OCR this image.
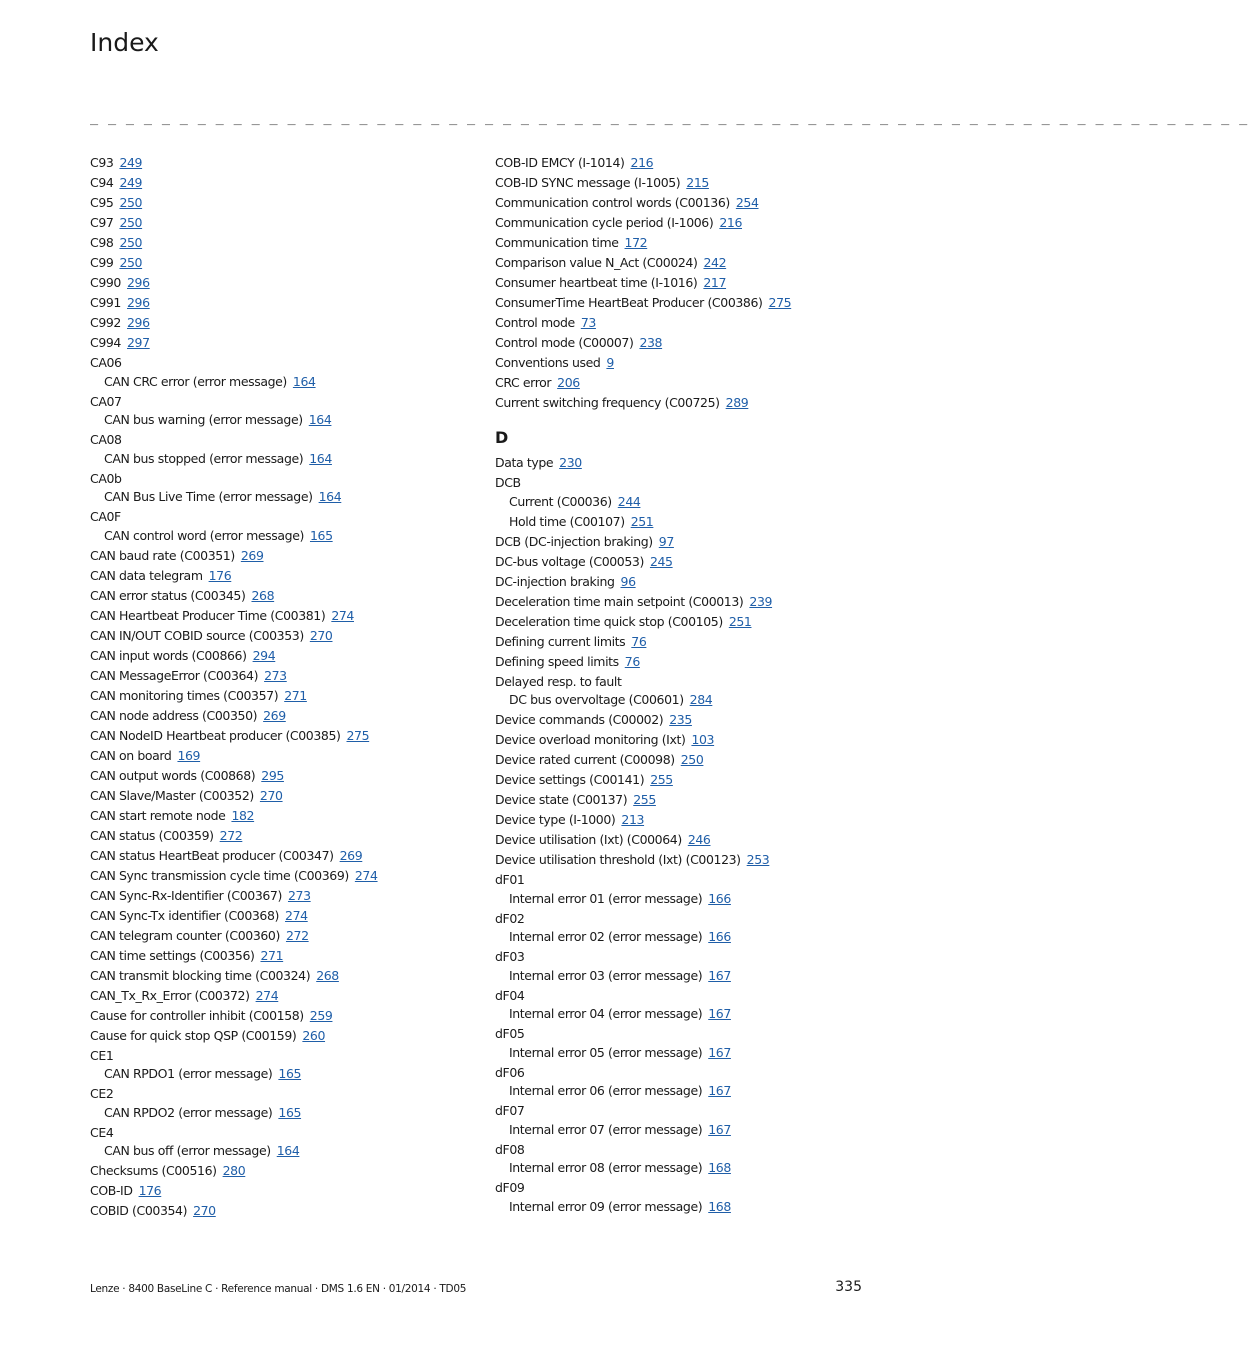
Index
_ _ _ _ _ _ _ _ _ _ _ _ _ _ _ _ _ _ _ _ _ _ _ _ _ _ _ _ _ _ _ _ _ _ _ _ _ _ _ _ _ _ _ _ _ _ _ _ _ _ _ _ _ _ _ _ _ _ _ _ _ _ _ _ _
C93 249
C94 249
C95 250
C97 250
C98 250
C99 250
C990 296
C991 296
C992 296
C994 297
CA06
CAN CRC error (error message) 164
CA07
CAN bus warning (error message) 164
CA08
CAN bus stopped (error message) 164
CA0b
CAN Bus Live Time (error message) 164
CA0F
CAN control word (error message) 165
CAN baud rate (C00351) 269
CAN data telegram 176
CAN error status (C00345) 268
CAN Heartbeat Producer Time (C00381) 274
CAN IN/OUT COBID source (C00353) 270
CAN input words (C00866) 294
CAN MessageError (C00364) 273
CAN monitoring times (C00357) 271
CAN node address (C00350) 269
CAN NodeID Heartbeat producer (C00385) 275
CAN on board 169
CAN output words (C00868) 295
CAN Slave/Master (C00352) 270
CAN start remote node 182
CAN status (C00359) 272
CAN status HeartBeat producer (C00347) 269
CAN Sync transmission cycle time (C00369) 274
CAN Sync-Rx-Identifier (C00367) 273
CAN Sync-Tx identifier (C00368) 274
CAN telegram counter (C00360) 272
CAN time settings (C00356) 271
CAN transmit blocking time (C00324) 268
CAN_Tx_Rx_Error (C00372) 274
Cause for controller inhibit (C00158) 259
Cause for quick stop QSP (C00159) 260
CE1
CAN RPDO1 (error message) 165
CE2
CAN RPDO2 (error message) 165
CE4
CAN bus off (error message) 164
Checksums (C00516) 280
COB-ID 176
COBID (C00354) 270
COB-ID EMCY (I-1014) 216
COB-ID SYNC message (I-1005) 215
Communication control words (C00136) 254
Communication cycle period (I-1006) 216
Communication time 172
Comparison value N_Act (C00024) 242
Consumer heartbeat time (I-1016) 217
ConsumerTime HeartBeat Producer (C00386) 275
Control mode 73
Control mode (C00007) 238
Conventions used 9
CRC error 206
Current switching frequency (C00725) 289
D
Data type 230
DCB
Current (C00036) 244
Hold time (C00107) 251
DCB (DC-injection braking) 97
DC-bus voltage (C00053) 245
DC-injection braking 96
Deceleration time main setpoint (C00013) 239
Deceleration time quick stop (C00105) 251
Defining current limits 76
Defining speed limits 76
Delayed resp. to fault
DC bus overvoltage (C00601) 284
Device commands (C00002) 235
Device overload monitoring (Ixt) 103
Device rated current (C00098) 250
Device settings (C00141) 255
Device state (C00137) 255
Device type (I-1000) 213
Device utilisation (Ixt) (C00064) 246
Device utilisation threshold (Ixt) (C00123) 253
dF01
Internal error 01 (error message) 166
dF02
Internal error 02 (error message) 166
dF03
Internal error 03 (error message) 167
dF04
Internal error 04 (error message) 167
dF05
Internal error 05 (error message) 167
dF06
Internal error 06 (error message) 167
dF07
Internal error 07 (error message) 167
dF08
Internal error 08 (error message) 168
dF09
Internal error 09 (error message) 168
Lenze · 8400 BaseLine C · Reference manual · DMS 1.6 EN · 01/2014 · TD05	335
